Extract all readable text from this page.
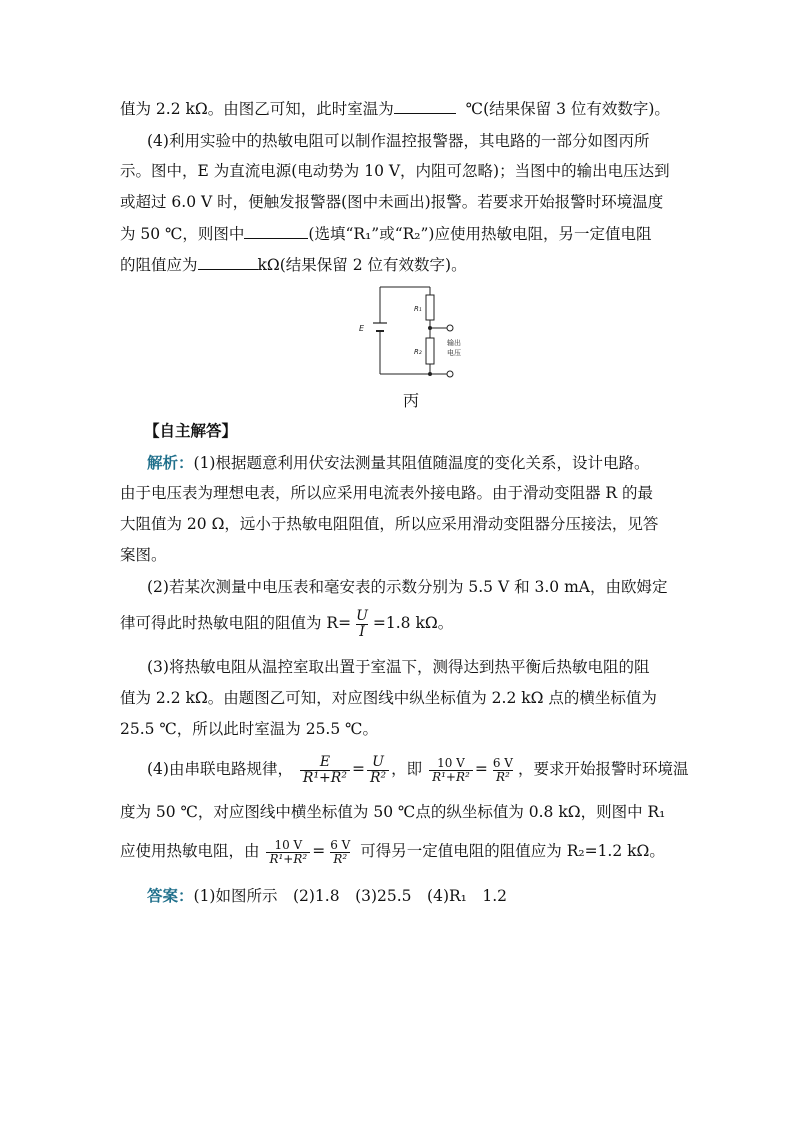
值为 2.2 kΩ。由图乙可知，此时室温为	℃(结果保留 3 位有效数字)。
(4)利用实验中的热敏电阻可以制作温控报警器，其电路的一部分如图丙所
示。图中，E 为直流电源(电动势为 10 V，内阻可忽略)；当图中的输出电压达到
或超过 6.0 V 时，便触发报警器(图中未画出)报警。若要求开始报警时环境温度
为 50 ℃，则图中	(选填“R₁”或“R₂”)应使用热敏电阻，另一定值电阻
的阻值应为	kΩ(结果保留 2 位有效数字)。
E
R₁
R₂
输出
电压
丙
【自主解答】
解析：(1)根据题意利用伏安法测量其阻值随温度的变化关系，设计电路。
由于电压表为理想电表，所以应采用电流表外接电路。由于滑动变阻器 R 的最
大阻值为 20 Ω，远小于热敏电阻阻值，所以应采用滑动变阻器分压接法，见答
案图。
(2)若某次测量中电压表和毫安表的示数分别为 5.5 V 和 3.0 mA，由欧姆定
律可得此时热敏电阻的阻值为 $R= \frac{U}{I} =1.8$ kΩ。
(3)将热敏电阻从温控室取出置于室温下，测得达到热平衡后热敏电阻的阻
值为 2.2 kΩ。由题图乙可知，对应图线中纵坐标值为 2.2 kΩ 点的横坐标值为
25.5 ℃，所以此时室温为 25.5 ℃。
(4)由串联电路规律， $\frac{E}{\text{R¹+R²}} = \frac{U}{\text{R²}}$ ，即 $\frac{10 V}{\text{R¹+R²}} = \frac{6 V}{\text{R²}}$ ，要求开始报警时环境温
度为 50 ℃，对应图线中横坐标值为 50 ℃点的纵坐标值为 0.8 kΩ，则图中 R₁
应使用热敏电阻，由 $\frac{10 V}{\text{R¹+R²}} = \frac{6 V}{\text{R²}}$ 可得另一定值电阻的阻值应为 R₂=1.2 kΩ。
答案：(1)如图所示　(2)1.8　(3)25.5　(4)R₁　1.2
